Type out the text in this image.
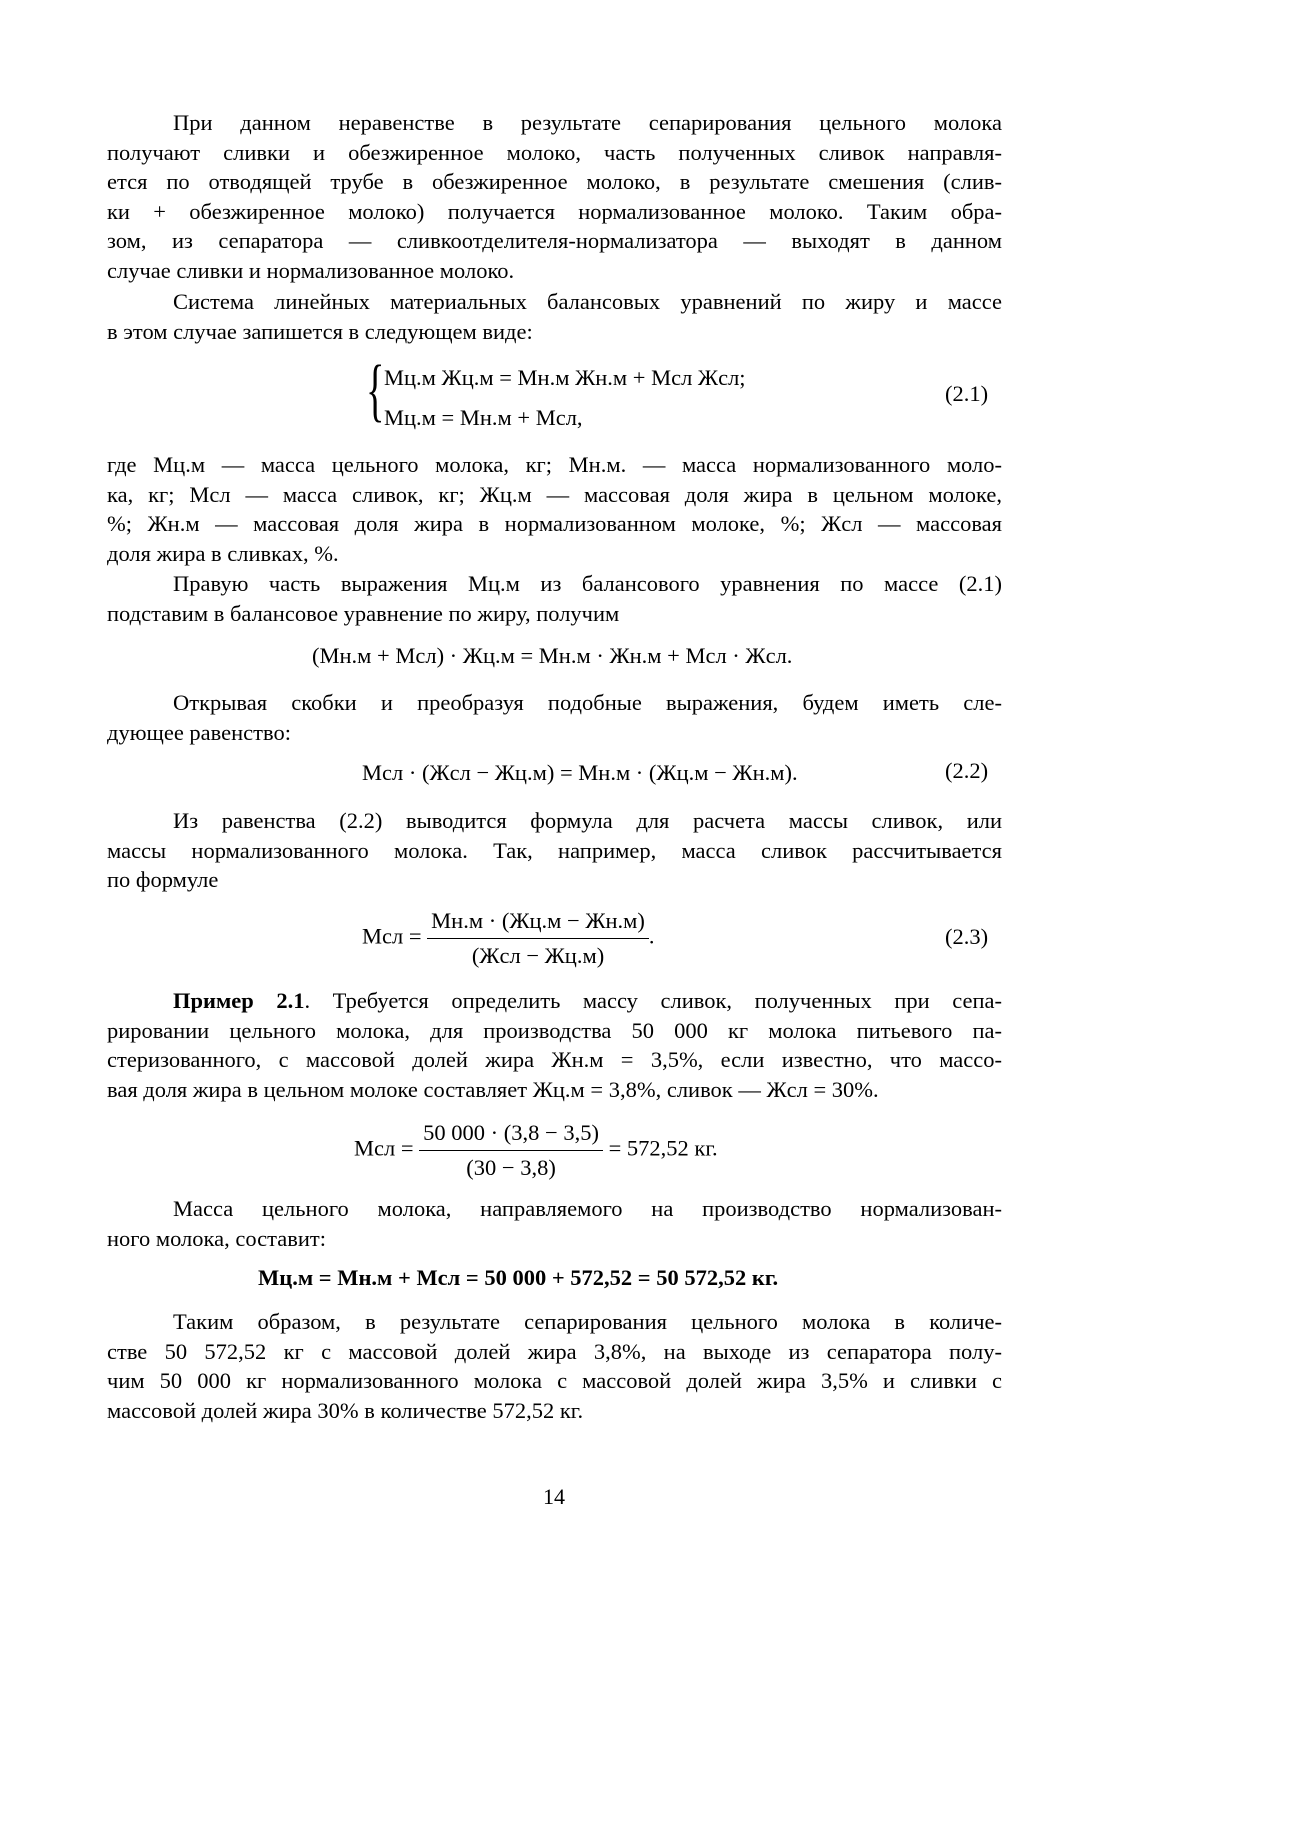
При данном неравенстве в результате сепарирования цельного молока
получают сливки и обезжиренное молоко, часть полученных сливок направля-
ется по отводящей трубе в обезжиренное молоко, в результате смешения (слив-
ки + обезжиренное молоко) получается нормализованное молоко. Таким обра-
зом, из сепаратора — сливкоотделителя-нормализатора — выходят в данном
случае сливки и нормализованное молоко.
Система линейных материальных балансовых уравнений по жиру и массе
в этом случае запишется в следующем виде:
{ Mц.м Жц.м = Mн.м Жн.м + Mсл Жсл;
Mц.м = Mн.м + Mсл,
(2.1)
где Mц.м — масса цельного молока, кг; Mн.м. — масса нормализованного моло-
ка, кг; Mсл — масса сливок, кг; Жц.м — массовая доля жира в цельном молоке,
%; Жн.м — массовая доля жира в нормализованном молоке, %; Жсл — массовая
доля жира в сливках, %.
Правую часть выражения Mц.м из балансового уравнения по массе (2.1)
подставим в балансовое уравнение по жиру, получим
(Mн.м + Mсл) · Жц.м = Mн.м · Жн.м + Mсл · Жсл.
Открывая скобки и преобразуя подобные выражения, будем иметь сле-
дующее равенство:
Mсл · (Жсл − Жц.м) = Mн.м · (Жц.м − Жн.м).	(2.2)
Из равенства (2.2) выводится формула для расчета массы сливок, или
массы нормализованного молока. Так, например, масса сливок рассчитывается
по формуле
Mсл = $\frac{Mн.м \cdot (Жц.м - Жн.м)}{\text{(Жсл − Жц.м)}}$ .	(2.3)
Пример 2.1. Требуется определить массу сливок, полученных при сепа-
рировании цельного молока, для производства 50 000 кг молока питьевого па-
стеризованного, с массовой долей жира Жн.м = 3,5%, если известно, что массо-
вая доля жира в цельном молоке составляет Жц.м = 3,8%, сливок — Жсл = 30%.
Mсл = $\frac{50 000 \cdot (3,8 - 3,5)}{(30 - 3,8)} = 572,52$ кг.
Масса цельного молока, направляемого на производство нормализован-
ного молока, составит:
Mц.м = Mн.м + Mсл = 50 000 + 572,52 = 50 572,52 кг.
Таким образом, в результате сепарирования цельного молока в количе-
стве 50 572,52 кг с массовой долей жира 3,8%, на выходе из сепаратора полу-
чим 50 000 кг нормализованного молока с массовой долей жира 3,5% и сливки с
массовой долей жира 30% в количестве 572,52 кг.
14
